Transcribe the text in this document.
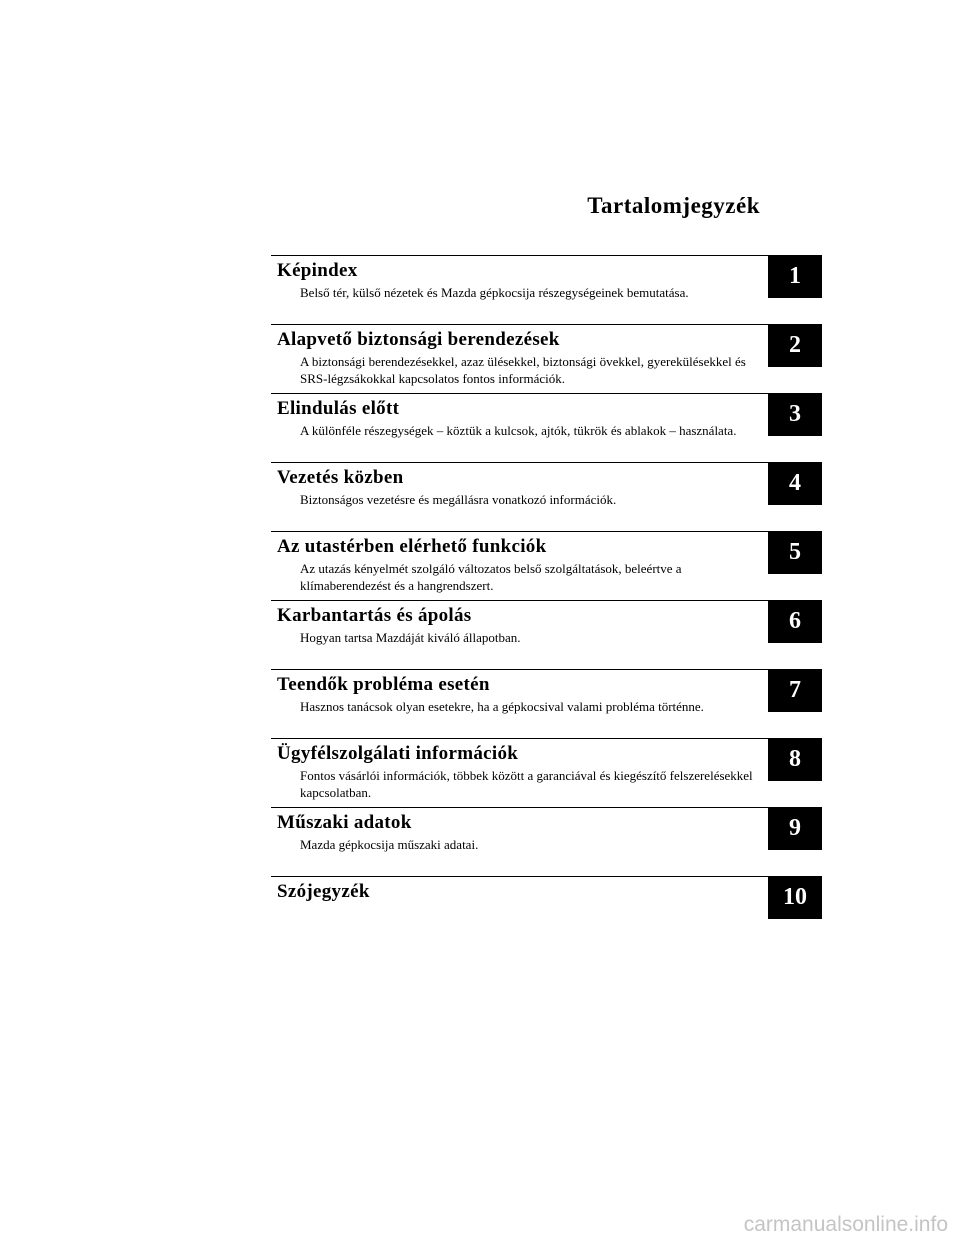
Tartalomjegyzék
Képindex
Belső tér, külső nézetek és Mazda gépkocsija részegységeinek bemutatása.
1
Alapvető biztonsági berendezések
A biztonsági berendezésekkel, azaz ülésekkel, biztonsági övekkel, gyerekülésekkel és SRS-légzsákokkal kapcsolatos fontos információk.
2
Elindulás előtt
A különféle részegységek – köztük a kulcsok, ajtók, tükrök és ablakok – használata.
3
Vezetés közben
Biztonságos vezetésre és megállásra vonatkozó információk.
4
Az utastérben elérhető funkciók
Az utazás kényelmét szolgáló változatos belső szolgáltatások, beleértve a klímaberendezést és a hangrendszert.
5
Karbantartás és ápolás
Hogyan tartsa Mazdáját kiváló állapotban.
6
Teendők probléma esetén
Hasznos tanácsok olyan esetekre, ha a gépkocsival valami probléma történne.
7
Ügyfélszolgálati információk
Fontos vásárlói információk, többek között a garanciával és kiegészítő felszerelésekkel kapcsolatban.
8
Műszaki adatok
Mazda gépkocsija műszaki adatai.
9
Szójegyzék	10
carmanualsonline.info
